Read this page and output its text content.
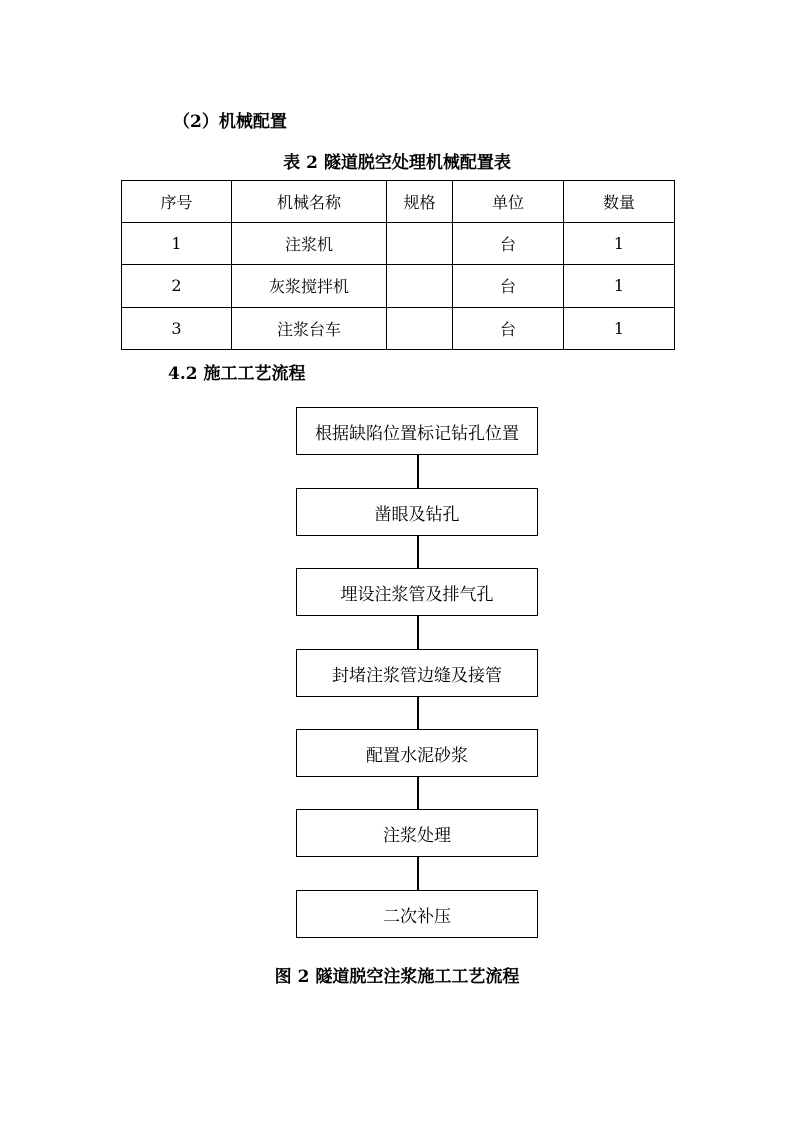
（2）机械配置
表 2 隧道脱空处理机械配置表
序号	机械名称	规格	单位	数量
1	注浆机		台	1
2	灰浆搅拌机		台	1
3	注浆台车		台	1
4.2 施工工艺流程
根据缺陷位置标记钻孔位置
凿眼及钻孔
埋设注浆管及排气孔
封堵注浆管边缝及接管
配置水泥砂浆
注浆处理
二次补压
图 2 隧道脱空注浆施工工艺流程
